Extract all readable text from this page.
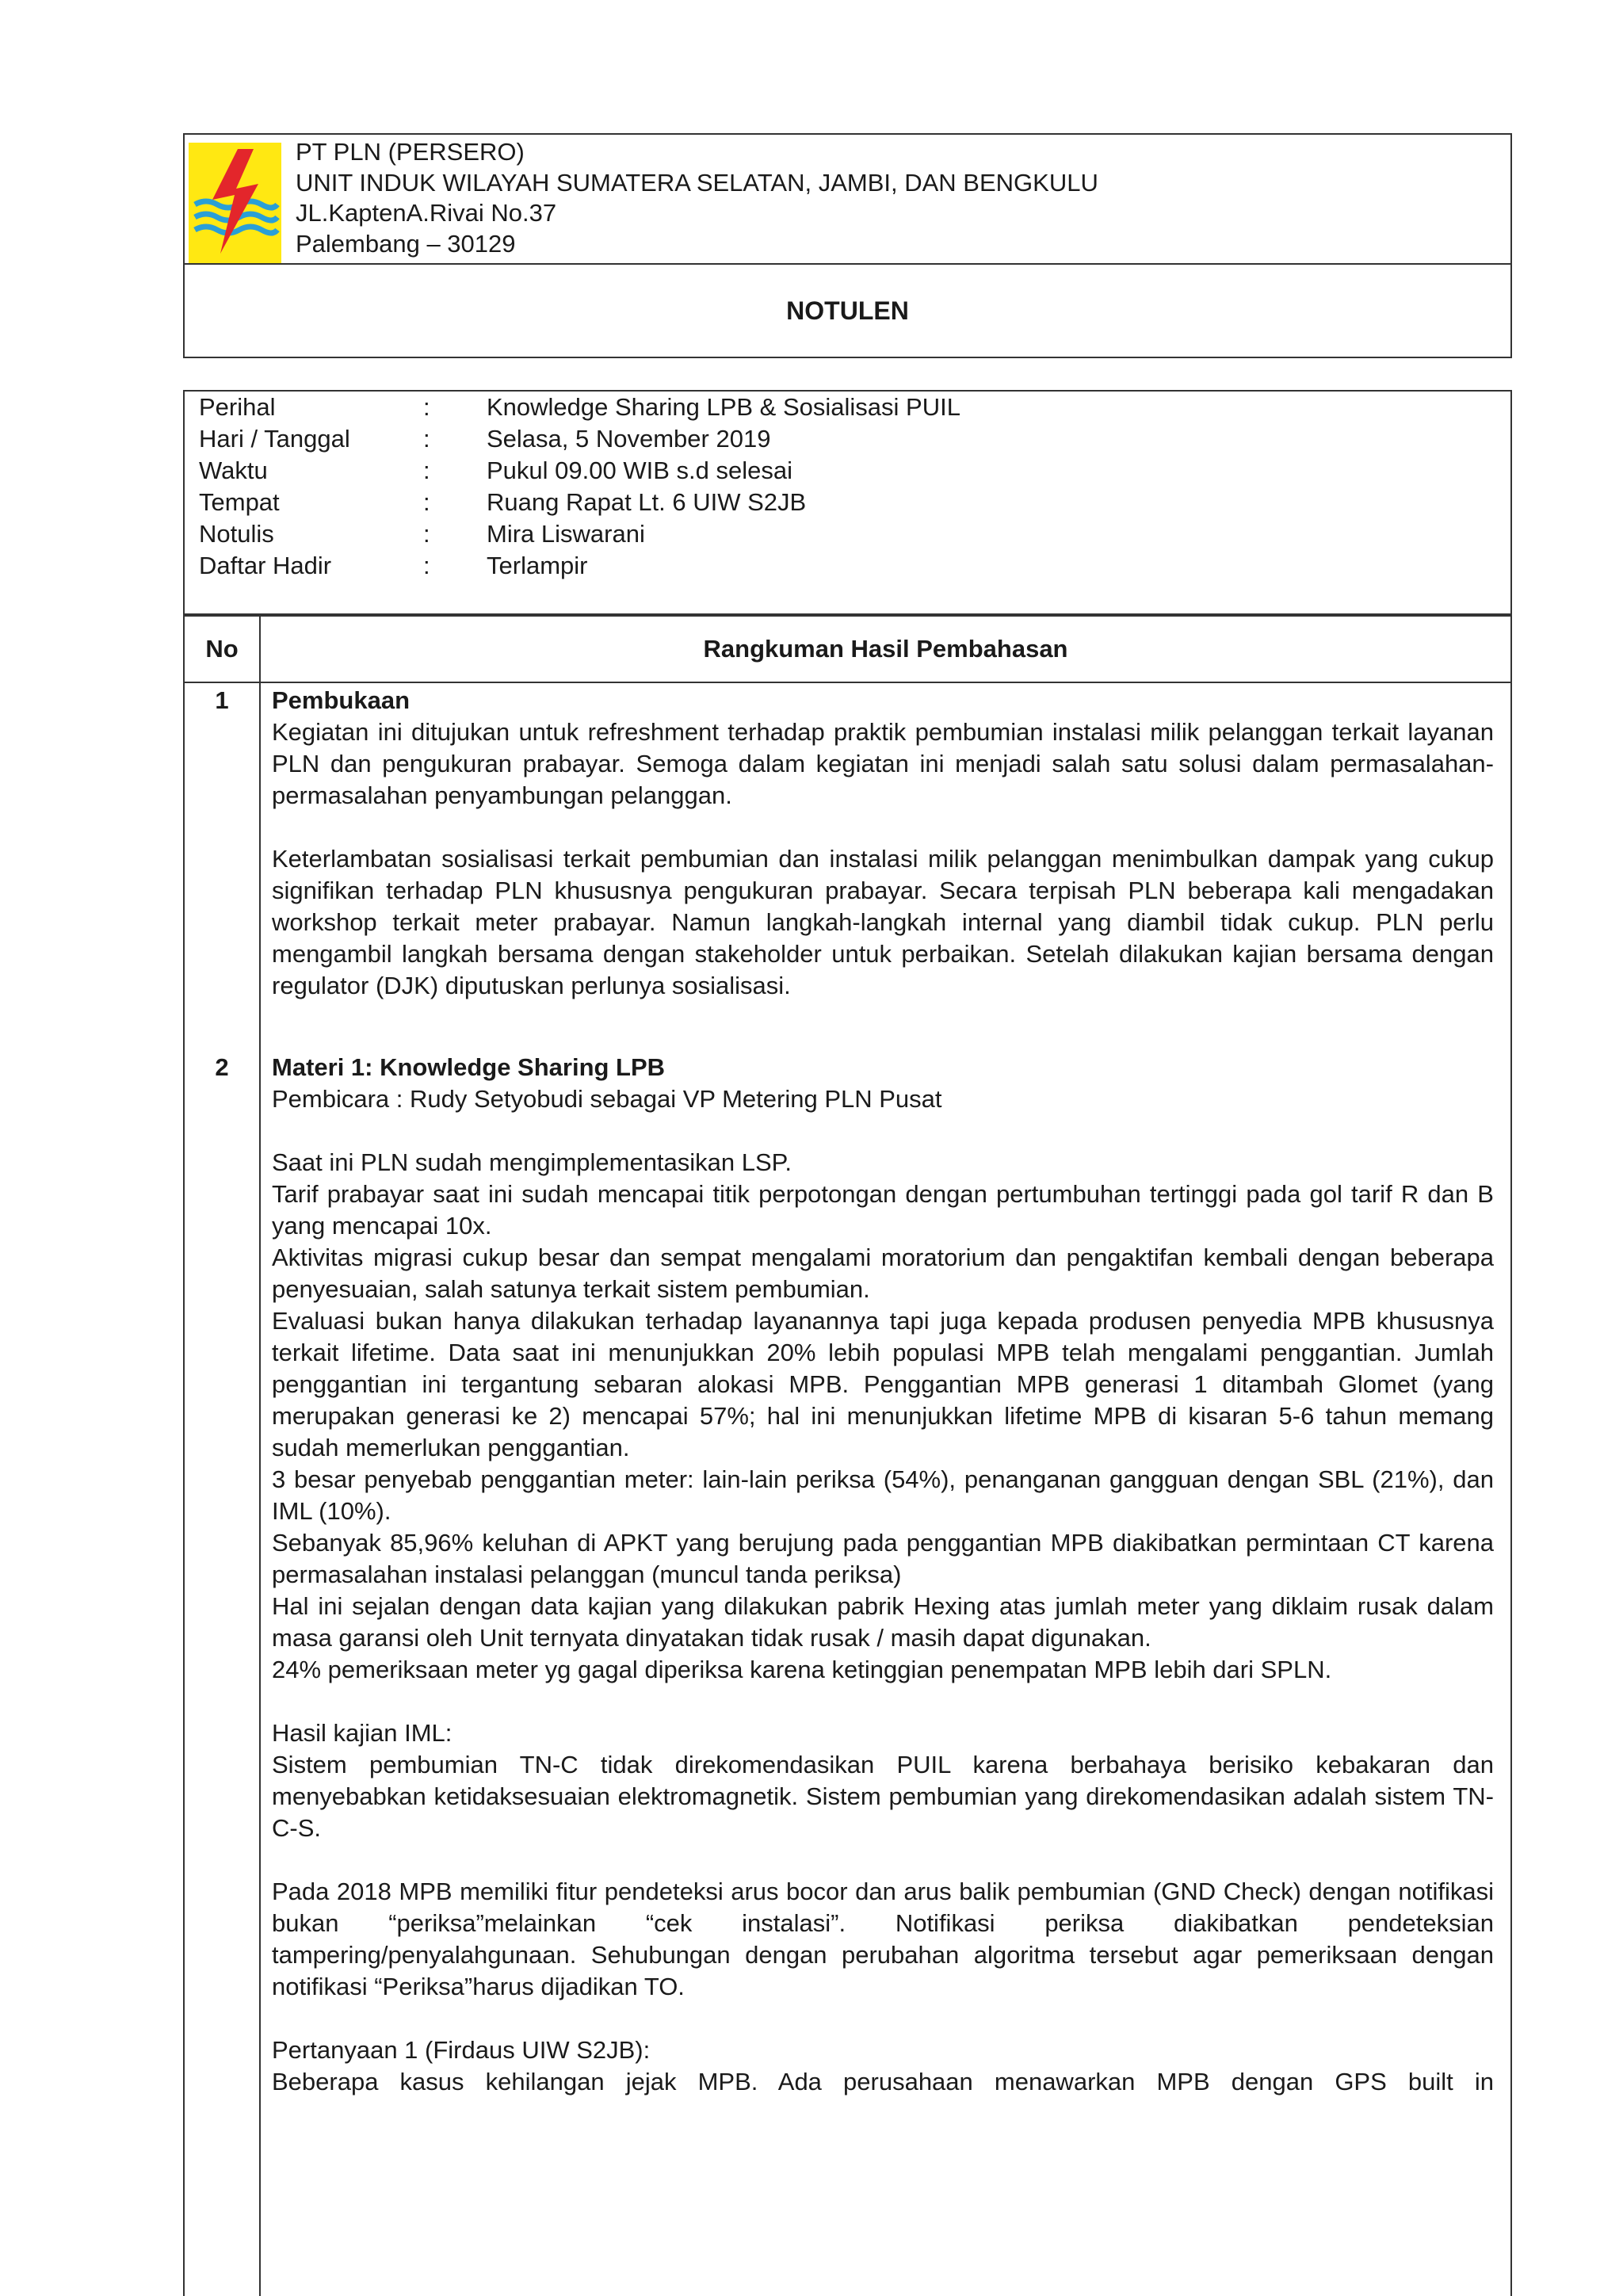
PT PLN (PERSERO)
UNIT INDUK WILAYAH SUMATERA SELATAN, JAMBI, DAN BENGKULU
JL.KaptenA.Rivai No.37
Palembang – 30129
NOTULEN
Perihal	: Knowledge Sharing LPB & Sosialisasi PUIL
Hari / Tanggal	: Selasa, 5 November 2019
Waktu	: Pukul 09.00 WIB s.d selesai
Tempat	: Ruang Rapat Lt. 6 UIW S2JB
Notulis	: Mira Liswarani
Daftar Hadir	: Terlampir
No	Rangkuman Hasil Pembahasan
1	Pembukaan

Kegiatan ini ditujukan untuk refreshment terhadap praktik pembumian instalasi milik pelanggan terkait layanan PLN dan pengukuran prabayar. Semoga dalam kegiatan ini menjadi salah satu solusi dalam permasalahan-permasalahan penyambungan pelanggan.

Keterlambatan sosialisasi terkait pembumian dan instalasi milik pelanggan menimbulkan dampak yang cukup signifikan terhadap PLN khususnya pengukuran prabayar. Secara terpisah PLN beberapa kali mengadakan workshop terkait meter prabayar. Namun langkah-langkah internal yang diambil tidak cukup. PLN perlu mengambil langkah bersama dengan stakeholder untuk perbaikan. Setelah dilakukan kajian bersama dengan regulator (DJK) diputuskan perlunya sosialisasi.

2	Materi 1: Knowledge Sharing LPB

Pembicara : Rudy Setyobudi sebagai VP Metering PLN Pusat

Saat ini PLN sudah mengimplementasikan LSP.

Tarif prabayar saat ini sudah mencapai titik perpotongan dengan pertumbuhan tertinggi pada gol tarif R dan B yang mencapai 10x.

Aktivitas migrasi cukup besar dan sempat mengalami moratorium dan pengaktifan kembali dengan beberapa penyesuaian, salah satunya terkait sistem pembumian.

Evaluasi bukan hanya dilakukan terhadap layanannya tapi juga kepada produsen penyedia MPB khususnya terkait lifetime. Data saat ini menunjukkan 20% lebih populasi MPB telah mengalami penggantian. Jumlah penggantian ini tergantung sebaran alokasi MPB. Penggantian MPB generasi 1 ditambah Glomet (yang merupakan generasi ke 2) mencapai 57%; hal ini menunjukkan lifetime MPB di kisaran 5-6 tahun memang sudah memerlukan penggantian.

3 besar penyebab penggantian meter: lain-lain periksa (54%), penanganan gangguan dengan SBL (21%), dan IML (10%).

Sebanyak 85,96% keluhan di APKT yang berujung pada penggantian MPB diakibatkan permintaan CT karena permasalahan instalasi pelanggan (muncul tanda periksa)

Hal ini sejalan dengan data kajian yang dilakukan pabrik Hexing atas jumlah meter yang diklaim rusak dalam masa garansi oleh Unit ternyata dinyatakan tidak rusak / masih dapat digunakan.

24% pemeriksaan meter yg gagal diperiksa karena ketinggian penempatan MPB lebih dari SPLN.

Hasil kajian IML:

Sistem pembumian TN-C tidak direkomendasikan PUIL karena berbahaya berisiko kebakaran dan menyebabkan ketidaksesuaian elektromagnetik. Sistem pembumian yang direkomendasikan adalah sistem TN-C-S.

Pada 2018 MPB memiliki fitur pendeteksi arus bocor dan arus balik pembumian (GND Check) dengan notifikasi bukan “periksa”melainkan “cek instalasi”. Notifikasi periksa diakibatkan pendeteksian tampering/penyalahgunaan. Sehubungan dengan perubahan algoritma tersebut agar pemeriksaan dengan notifikasi “Periksa”harus dijadikan TO.

Pertanyaan 1 (Firdaus UIW S2JB):

Beberapa kasus kehilangan jejak MPB. Ada perusahaan menawarkan MPB dengan GPS built in
